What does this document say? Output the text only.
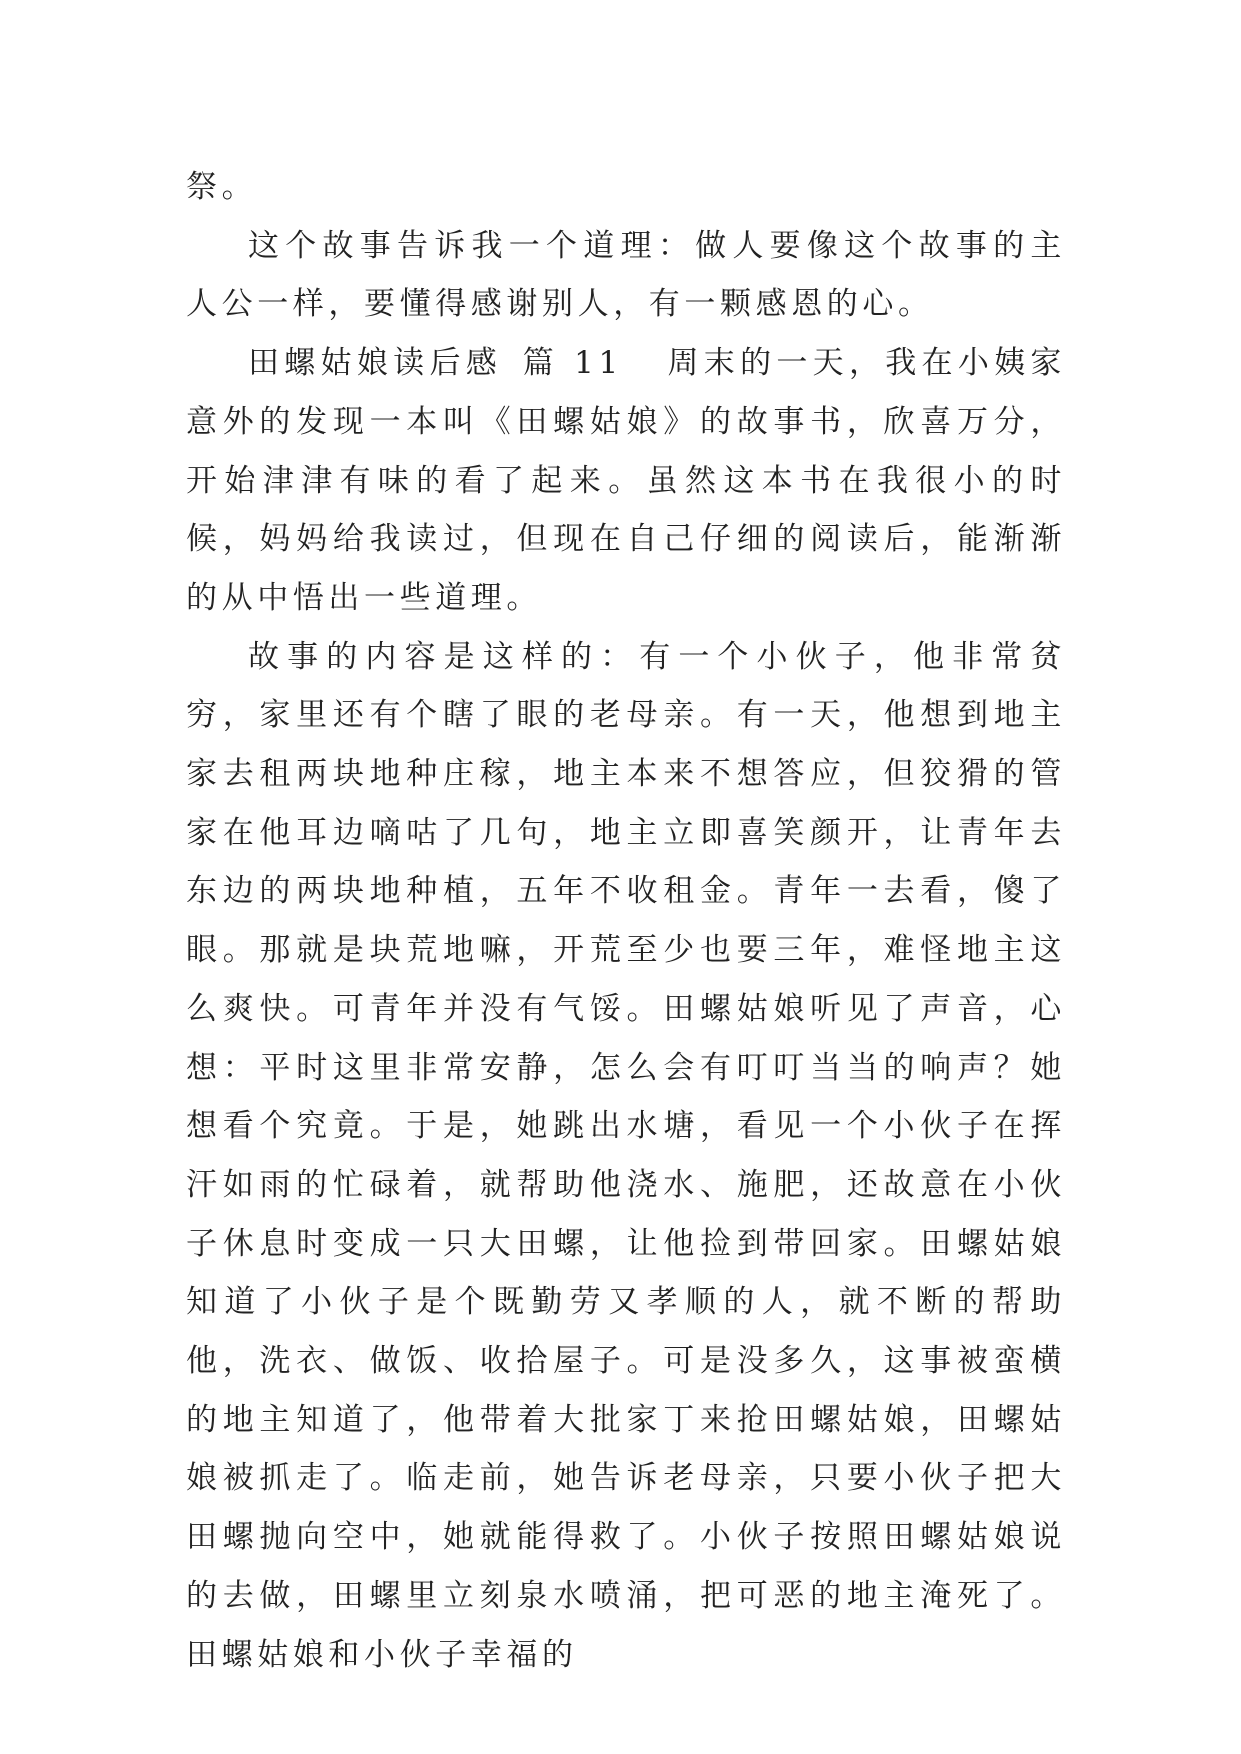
祭。

这个故事告诉我一个道理：做人要像这个故事的主人公一样，要懂得感谢别人，有一颗感恩的心。

田螺姑娘读后感 篇 11 周末的一天，我在小姨家意外的发现一本叫《田螺姑娘》的故事书，欣喜万分，开始津津有味的看了起来。虽然这本书在我很小的时候，妈妈给我读过，但现在自己仔细的阅读后，能渐渐的从中悟出一些道理。

故事的内容是这样的：有一个小伙子，他非常贫穷，家里还有个瞎了眼的老母亲。有一天，他想到地主家去租两块地种庄稼，地主本来不想答应，但狡猾的管家在他耳边嘀咕了几句，地主立即喜笑颜开，让青年去东边的两块地种植，五年不收租金。青年一去看，傻了眼。那就是块荒地嘛，开荒至少也要三年，难怪地主这么爽快。可青年并没有气馁。田螺姑娘听见了声音，心想：平时这里非常安静，怎么会有叮叮当当的响声？她想看个究竟。于是，她跳出水塘，看见一个小伙子在挥汗如雨的忙碌着，就帮助他浇水、施肥，还故意在小伙子休息时变成一只大田螺，让他捡到带回家。田螺姑娘知道了小伙子是个既勤劳又孝顺的人，就不断的帮助他，洗衣、做饭、收拾屋子。可是没多久，这事被蛮横的地主知道了，他带着大批家丁来抢田螺姑娘，田螺姑娘被抓走了。临走前，她告诉老母亲，只要小伙子把大田螺抛向空中，她就能得救了。小伙子按照田螺姑娘说的去做，田螺里立刻泉水喷涌，把可恶的地主淹死了。田螺姑娘和小伙子幸福的
